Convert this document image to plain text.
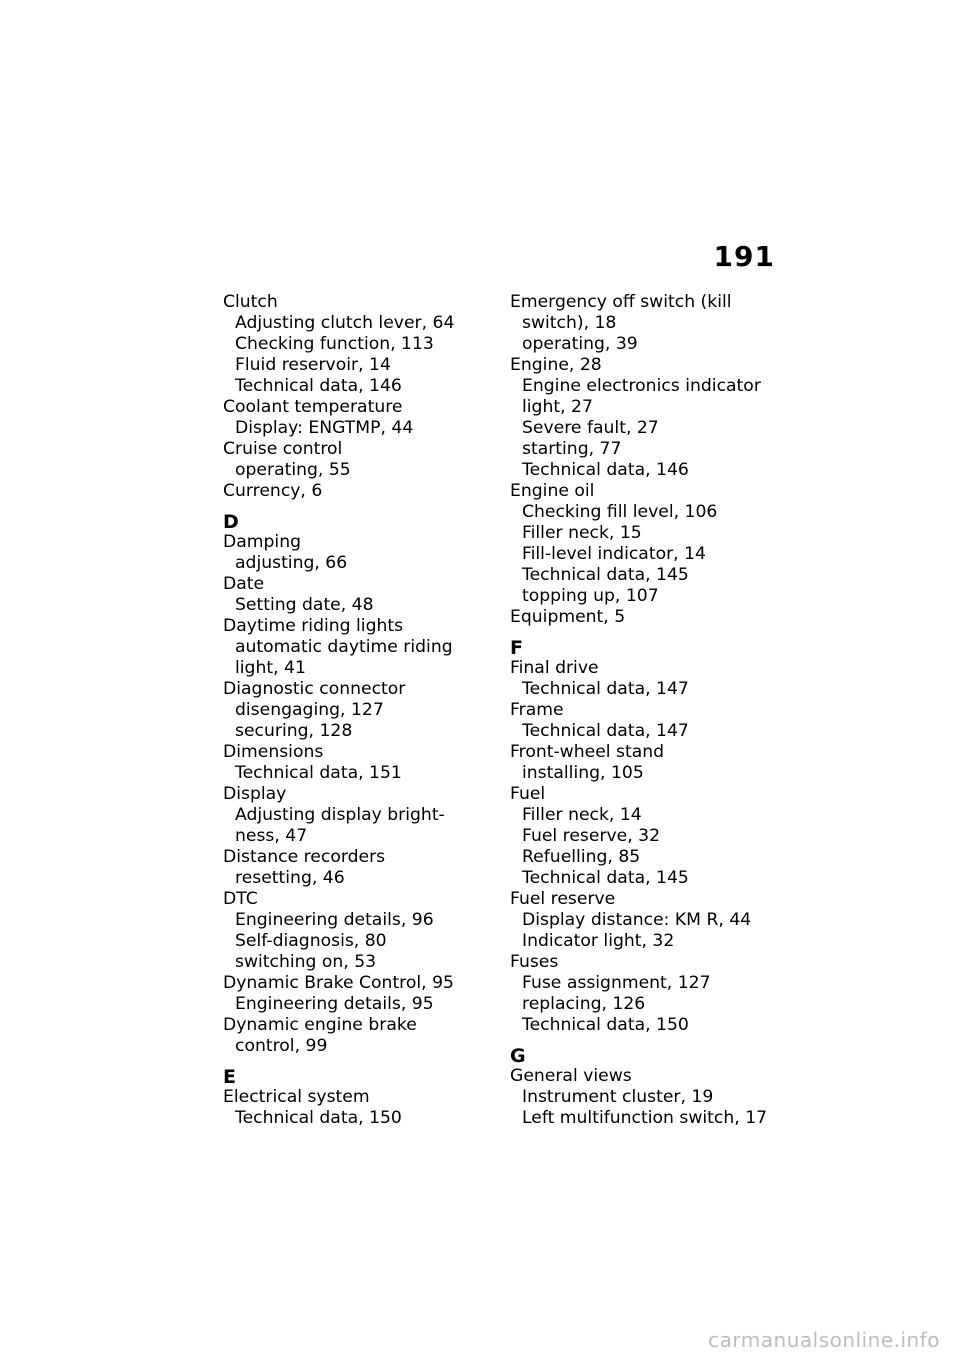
191
Clutch
Adjusting clutch lever, 64
Checking function, 113
Fluid reservoir, 14
Technical data, 146
Coolant temperature
Display: ENGTMP, 44
Cruise control
operating, 55
Currency, 6
D
Damping
adjusting, 66
Date
Setting date, 48
Daytime riding lights
automatic daytime riding
light, 41
Diagnostic connector
disengaging, 127
securing, 128
Dimensions
Technical data, 151
Display
Adjusting display bright-
ness, 47
Distance recorders
resetting, 46
DTC
Engineering details, 96
Self-diagnosis, 80
switching on, 53
Dynamic Brake Control, 95
Engineering details, 95
Dynamic engine brake
control, 99
E
Electrical system
Technical data, 150
Emergency off switch (kill
switch), 18
operating, 39
Engine, 28
Engine electronics indicator
light, 27
Severe fault, 27
starting, 77
Technical data, 146
Engine oil
Checking fill level, 106
Filler neck, 15
Fill-level indicator, 14
Technical data, 145
topping up, 107
Equipment, 5
F
Final drive
Technical data, 147
Frame
Technical data, 147
Front-wheel stand
installing, 105
Fuel
Filler neck, 14
Fuel reserve, 32
Refuelling, 85
Technical data, 145
Fuel reserve
Display distance: KM R, 44
Indicator light, 32
Fuses
Fuse assignment, 127
replacing, 126
Technical data, 150
G
General views
Instrument cluster, 19
Left multifunction switch, 17
carmanualsonline.info
